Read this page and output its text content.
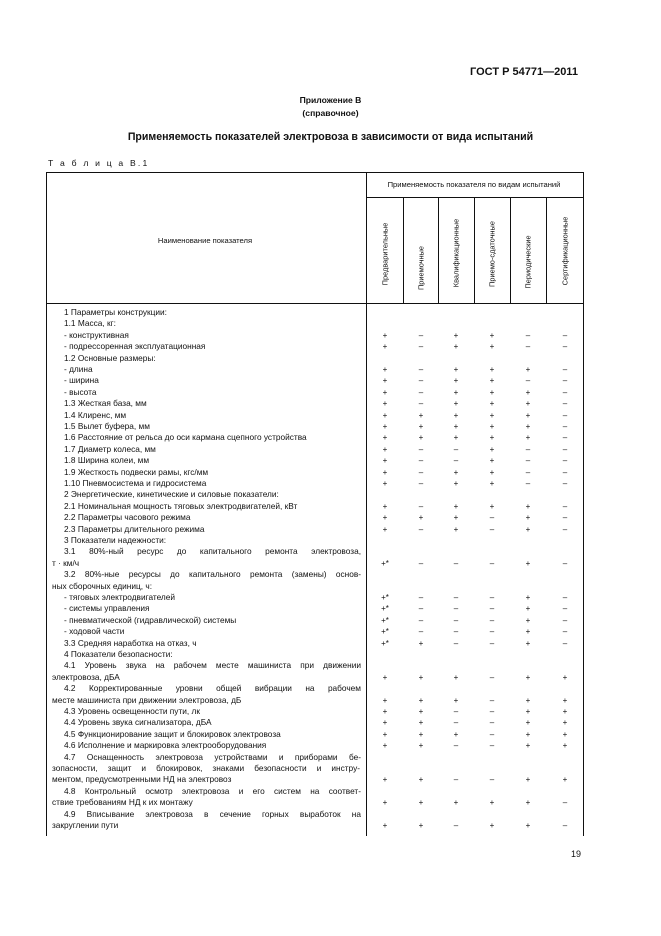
ГОСТ Р 54771—2011
Приложение В
(справочное)
Применяемость показателей электровоза в зависимости от вида испытаний
Т а б л и ц а В.1
Наименование показателя
Применяемость показателя по видам испытаний
Предварительные	Приемочные	Квалификационные	Приемо-сдаточные	Периодические	Сертификационные
1 Параметры конструкции:
1.1 Масса, кг:
- конструктивная	+	–	+	+	–	–
- подрессоренная эксплуатационная	+	–	+	+	–	–
1.2 Основные размеры:
- длина	+	–	+	+	+	–
- ширина	+	–	+	+	–	–
- высота	+	–	+	+	+	–
1.3 Жесткая база, мм	+	–	+	+	+	–
1.4 Клиренс, мм	+	+	+	+	+	–
1.5 Вылет буфера, мм	+	+	+	+	+	–
1.6 Расстояние от рельса до оси кармана сцепного устройства	+	+	+	+	+	–
1.7 Диаметр колеса, мм	+	–	–	+	–	–
1.8 Ширина колеи, мм	+	–	–	+	–	–
1.9 Жесткость подвески рамы, кгс/мм	+	–	+	+	–	–
1.10 Пневмосистема и гидросистема	+	–	+	+	–	–
2 Энергетические, кинетические и силовые показатели:
2.1 Номинальная мощность тяговых электродвигателей, кВт	+	–	+	+	+	–
2.2 Параметры часового режима	+	+	+	–	+	–
2.3 Параметры длительного режима	+	–	+	–	+	–
3 Показатели надежности:
3.1 80%-ный ресурс до капитального ремонта электровоза,
т · км/ч	+*	–	–	–	+	–
3.2 80%-ные ресурсы до капитального ремонта (замены) основ-
ных сборочных единиц, ч:
- тяговых электродвигателей	+*	–	–	–	+	–
- системы управления	+*	–	–	–	+	–
- пневматической (гидравлической) системы	+*	–	–	–	+	–
- ходовой части	+*	–	–	–	+	–
3.3 Средняя наработка на отказ, ч	+*	+	–	–	+	–
4 Показатели безопасности:
4.1 Уровень звука на рабочем месте машиниста при движении
электровоза, дБА	+	+	+	–	+	+
4.2 Корректированные уровни общей вибрации на рабочем
месте машиниста при движении электровоза, дБ	+	+	+	–	+	+
4.3 Уровень освещенности пути, лк	+	+	–	–	+	+
4.4 Уровень звука сигнализатора, дБА	+	+	–	–	+	+
4.5 Функционирование защит и блокировок электровоза	+	+	+	–	+	+
4.6 Исполнение и маркировка электрооборудования	+	+	–	–	+	+
4.7 Оснащенность электровоза устройствами и приборами бе-
зопасности, защит и блокировок, знаками безопасности и инстру-
ментом, предусмотренными НД на электровоз	+	+	–	–	+	+
4.8 Контрольный осмотр электровоза и его систем на соответ-
ствие требованиям НД к их монтажу	+	+	+	+	+	–
4.9 Вписывание электровоза в сечение горных выработок на
закруглении пути	+	+	–	+	+	–
19
